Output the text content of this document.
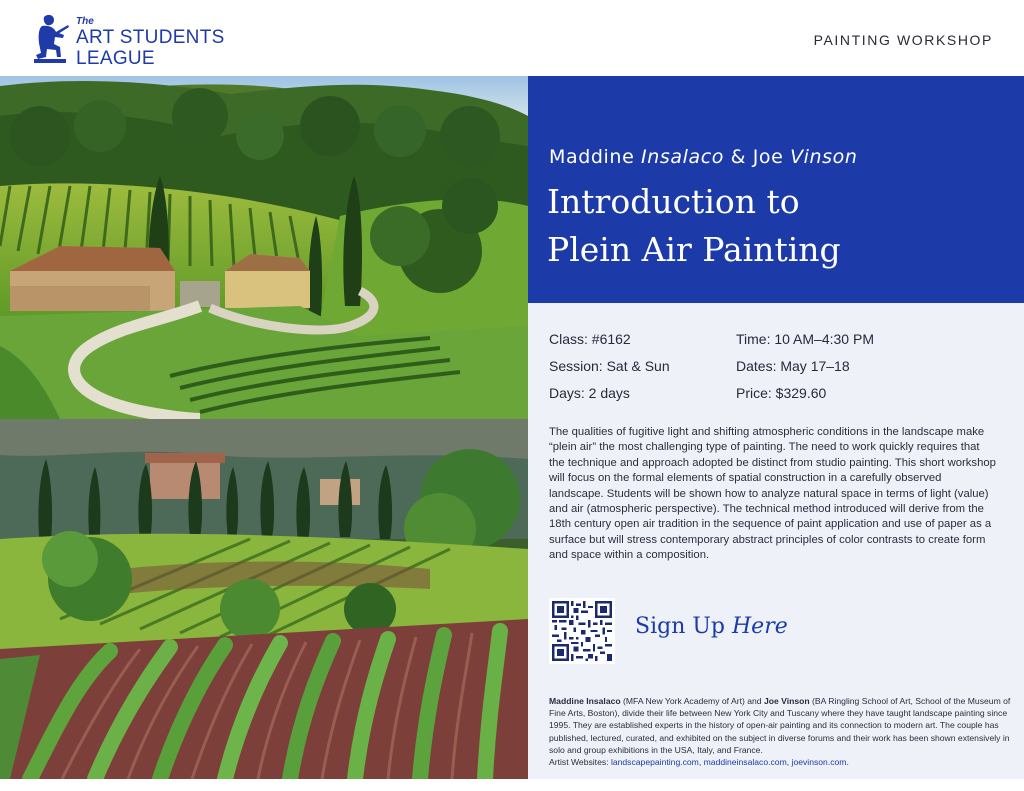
The
ART STUDENTS
LEAGUE
PAINTING WORKSHOP
Maddine Insalaco & Joe Vinson
Introduction to
Plein Air Painting
Class: #6162
Session: Sat & Sun
Days: 2 days
Time: 10 AM–4:30 PM
Dates: May 17–18
Price: $329.60

The qualities of fugitive light and shifting atmospheric conditions in the landscape make “plein air” the most challenging type of painting. The need to work quickly requires that the technique and approach adopted be distinct from studio painting. This short workshop will focus on the formal elements of spatial construction in a carefully observed landscape. Students will be shown how to analyze natural space in terms of light (value) and air (atmospheric perspective). The technical method introduced will derive from the 18th century open air tradition in the sequence of paint application and use of paper as a surface but will stress contemporary abstract principles of color contrasts to create form and space within a composition.

Sign Up Here
Maddine Insalaco (MFA New York Academy of Art) and Joe Vinson (BA Ringling School of Art, School of the Museum of Fine Arts, Boston), divide their life between New York City and Tuscany where they have taught landscape painting since 1995. They are established experts in the history of open-air painting and its connection to modern art. The couple has published, lectured, curated, and exhibited on the subject in diverse forums and their work has been shown extensively in solo and group exhibitions in the USA, Italy, and France.
Artist Websites: landscapepainting.com, maddineinsalaco.com, joevinson.com.
